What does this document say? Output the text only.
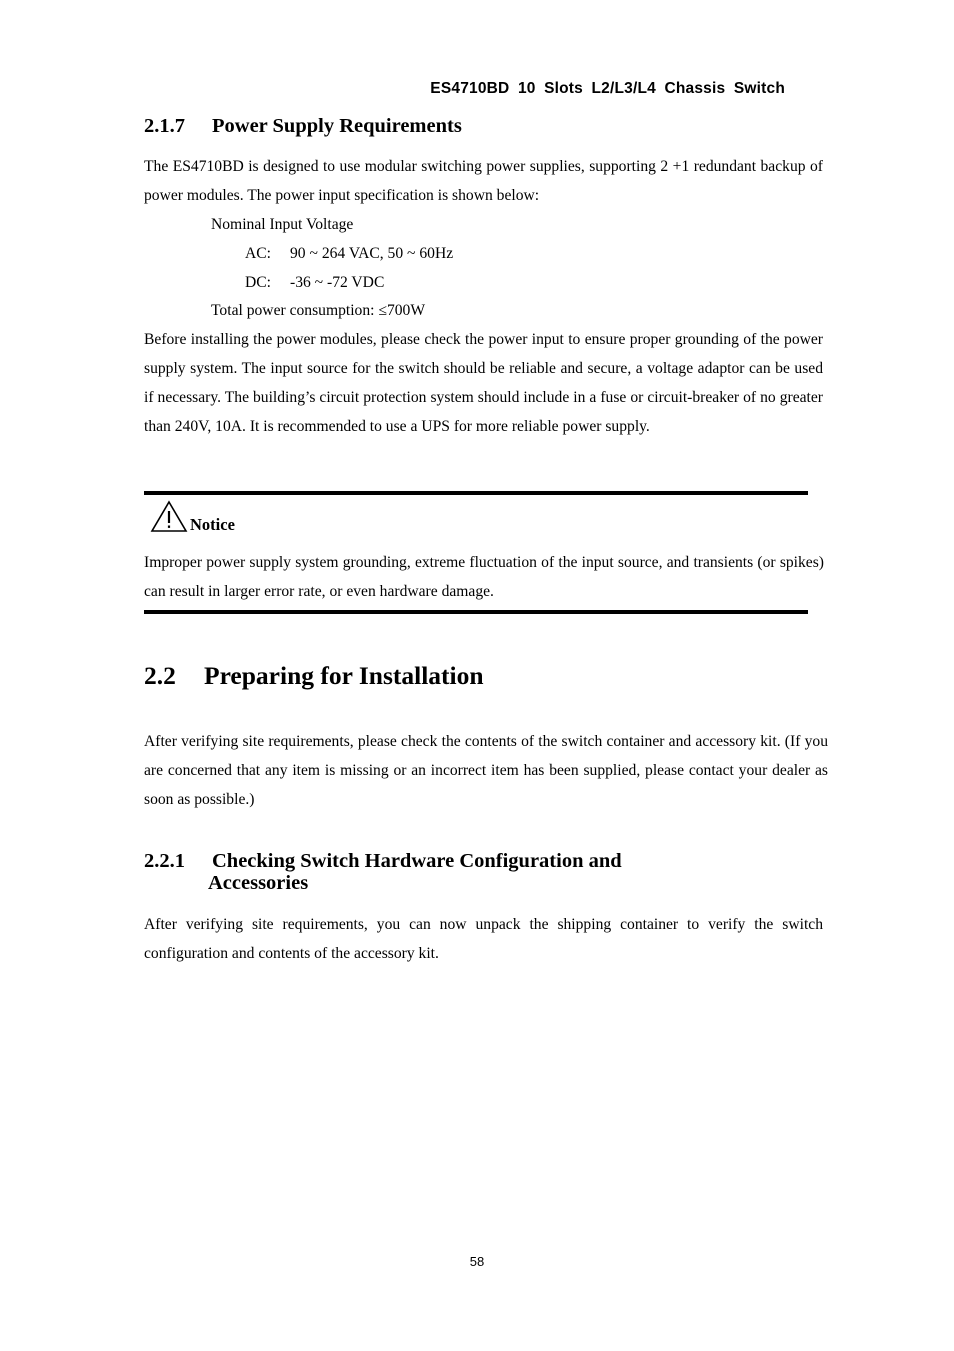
ES4710BD 10 Slots L2/L3/L4 Chassis Switch
2.1.7 Power Supply Requirements
The ES4710BD is designed to use modular switching power supplies, supporting 2 +1 redundant backup of power modules. The power input specification is shown below:
Nominal Input Voltage
AC: 90 ~ 264 VAC, 50 ~ 60Hz
DC: -36 ~ -72 VDC
Total power consumption: ≤700W
Before installing the power modules, please check the power input to ensure proper grounding of the power supply system. The input source for the switch should be reliable and secure, a voltage adaptor can be used if necessary. The building’s circuit protection system should include in a fuse or circuit-breaker of no greater than 240V, 10A. It is recommended to use a UPS for more reliable power supply.
Notice
Improper power supply system grounding, extreme fluctuation of the input source, and transients (or spikes) can result in larger error rate, or even hardware damage.
2.2 Preparing for Installation
After verifying site requirements, please check the contents of the switch container and accessory kit. (If you are concerned that any item is missing or an incorrect item has been supplied, please contact your dealer as soon as possible.)
2.2.1 Checking Switch Hardware Configuration and
Accessories
After verifying site requirements, you can now unpack the shipping container to verify the switch configuration and contents of the accessory kit.
58
